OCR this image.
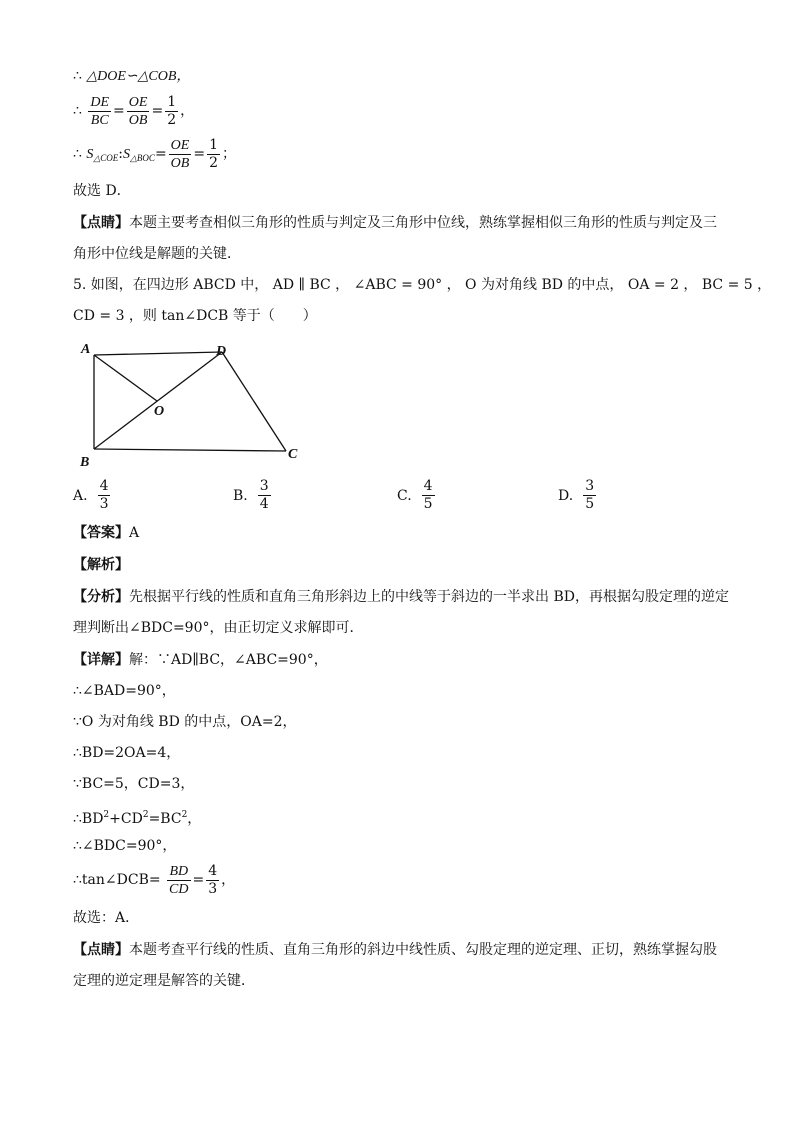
∴ △DOE∽△COB，
∴ $\frac{DE}{BC} = \frac{OE}{OB} = \frac{1}{2}$ ，
∴ $S_{\triangle COE}:S_{\triangle BOC}= \frac{OE}{OB} = \frac{1}{2}$ ；
故选 D．
【点睛】本题主要考查相似三角形的性质与判定及三角形中位线，熟练掌握相似三角形的性质与判定及三
角形中位线是解题的关键．
5. 如图，在四边形 ABCD 中， AD ∥ BC ， ∠ABC = 90° ， O 为对角线 BD 的中点， OA = 2 ， BC = 5 ，
CD = 3 ，则 tan∠DCB 等于（　　）
A	D
O
B
C
A. $\frac{4}{3}$	B. $\frac{3}{4}$	C. $\frac{4}{5}$	D. $\frac{3}{5}$
【答案】A
【解析】
【分析】先根据平行线的性质和直角三角形斜边上的中线等于斜边的一半求出 BD，再根据勾股定理的逆定
理判断出∠BDC=90°，由正切定义求解即可．
【详解】解：∵AD∥BC，∠ABC=90°，
∴∠BAD=90°，
∵O 为对角线 BD 的中点，OA=2，
∴BD=2OA=4，
∵BC=5，CD=3，
$\therefore BD^2+CD^2=BC^2$，
∴∠BDC=90°，
∴tan∠DCB= $\frac{BD}{CD} = \frac{4}{3}$ ，
故选：A．
【点睛】本题考查平行线的性质、直角三角形的斜边中线性质、勾股定理的逆定理、正切，熟练掌握勾股
定理的逆定理是解答的关键．
